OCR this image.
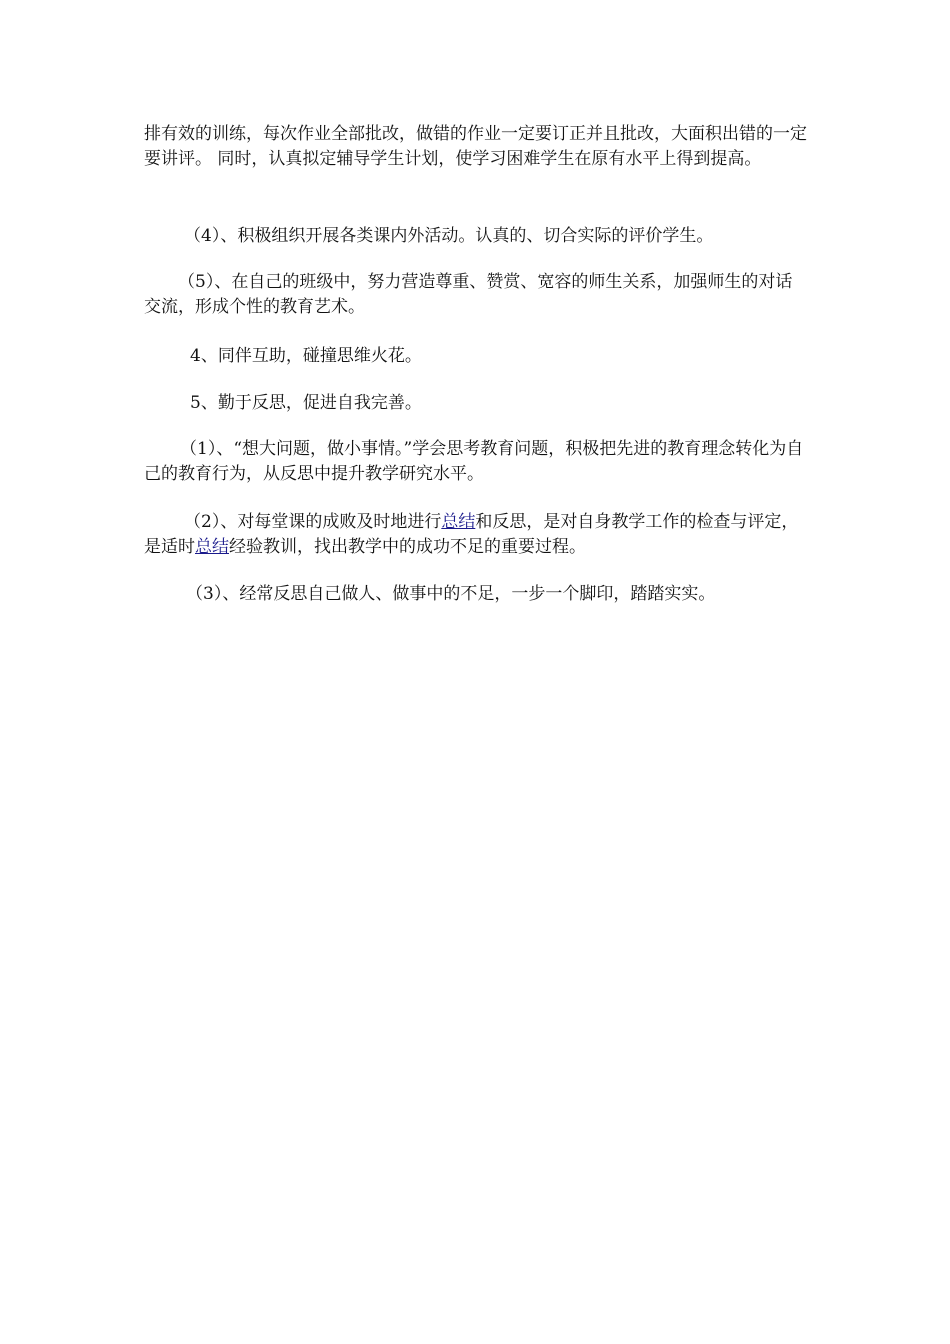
排有效的训练，每次作业全部批改，做错的作业一定要订正并且批改，大面积出错的一定要讲评。 同时，认真拟定辅导学生计划，使学习困难学生在原有水平上得到提高。

（4）、积极组织开展各类课内外活动。认真的、切合实际的评价学生。

（5）、在自己的班级中，努力营造尊重、赞赏、宽容的师生关系，加强师生的对话交流，形成个性的教育艺术。

4、同伴互助，碰撞思维火花。

5、勤于反思，促进自我完善。

（1）、“想大问题，做小事情。”学会思考教育问题，积极把先进的教育理念转化为自己的教育行为，从反思中提升教学研究水平。

（2）、对每堂课的成败及时地进行总结和反思，是对自身教学工作的检查与评定，是适时总结经验教训，找出教学中的成功不足的重要过程。

（3）、经常反思自己做人、做事中的不足，一步一个脚印，踏踏实实。
